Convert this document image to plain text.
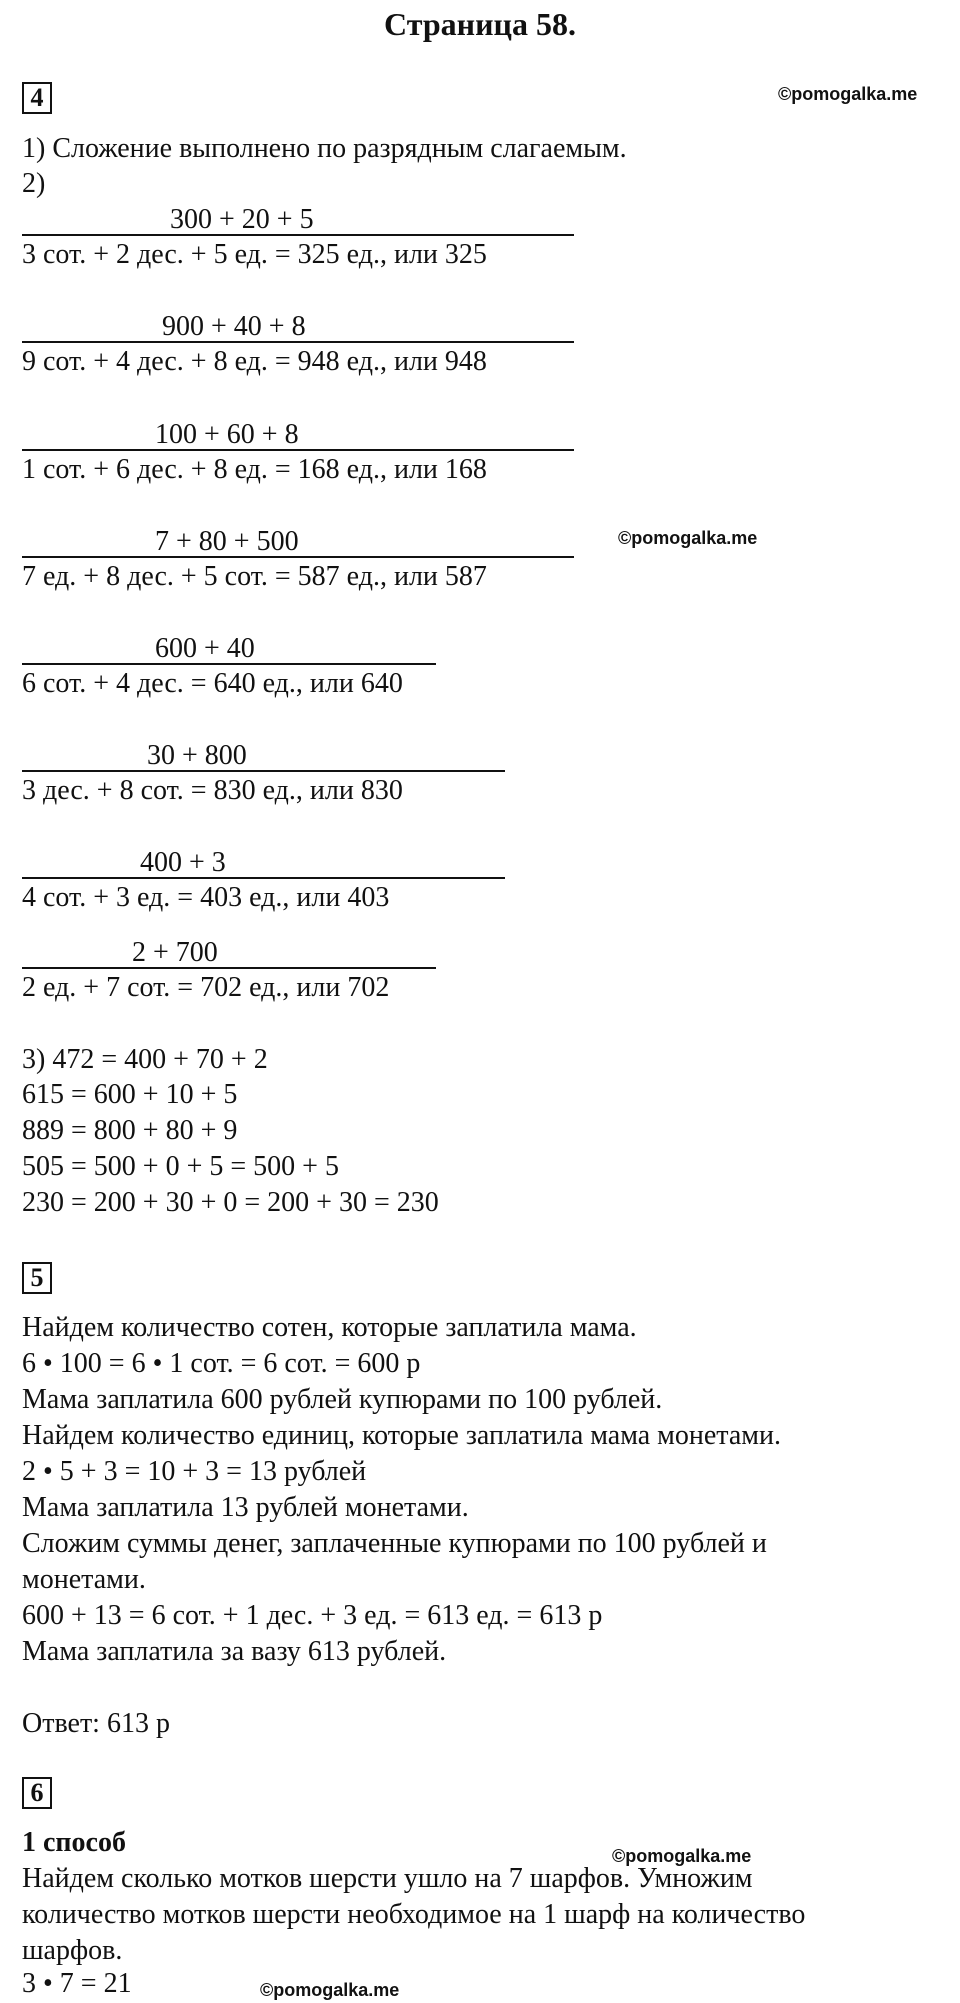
Страница 58.
4	©pomogalka.me
1) Сложение выполнено по разрядным слагаемым.
2)
300 + 20 + 5
3 сот. + 2 дес. + 5 ед. = 325 ед., или 325
900 + 40 + 8
9 сот. + 4 дес. + 8 ед. = 948 ед., или 948
100 + 60 + 8
1 сот. + 6 дес. + 8 ед. = 168 ед., или 168
7 + 80 + 500
7 ед. + 8 дес. + 5 сот. = 587 ед., или 587
©pomogalka.me
600 + 40
6 сот. + 4 дес. = 640 ед., или 640
30 + 800
3 дес. + 8 сот. = 830 ед., или 830
400 + 3
4 сот. + 3 ед. = 403 ед., или 403
2 + 700
2 ед. + 7 сот. = 702 ед., или 702
3) 472 = 400 + 70 + 2
615 = 600 + 10 + 5
889 = 800 + 80 + 9
505 = 500 + 0 + 5 = 500 + 5
230 = 200 + 30 + 0 = 200 + 30 = 230
5
Найдем количество сотен, которые заплатила мама.
6 • 100 = 6 • 1 сот. = 6 сот. = 600 р
Мама заплатила 600 рублей купюрами по 100 рублей.
Найдем количество единиц, которые заплатила мама монетами.
2 • 5 + 3 = 10 + 3 = 13 рублей
Мама заплатила 13 рублей монетами.
Сложим суммы денег, заплаченные купюрами по 100 рублей и
монетами.
600 + 13 = 6 сот. + 1 дес. + 3 ед. = 613 ед. = 613 р
Мама заплатила за вазу 613 рублей.
Ответ: 613 р
6
1 способ	©pomogalka.me
Найдем сколько мотков шерсти ушло на 7 шарфов. Умножим
количество мотков шерсти необходимое на 1 шарф на количество
шарфов.
3 • 7 = 21	©pomogalka.me
